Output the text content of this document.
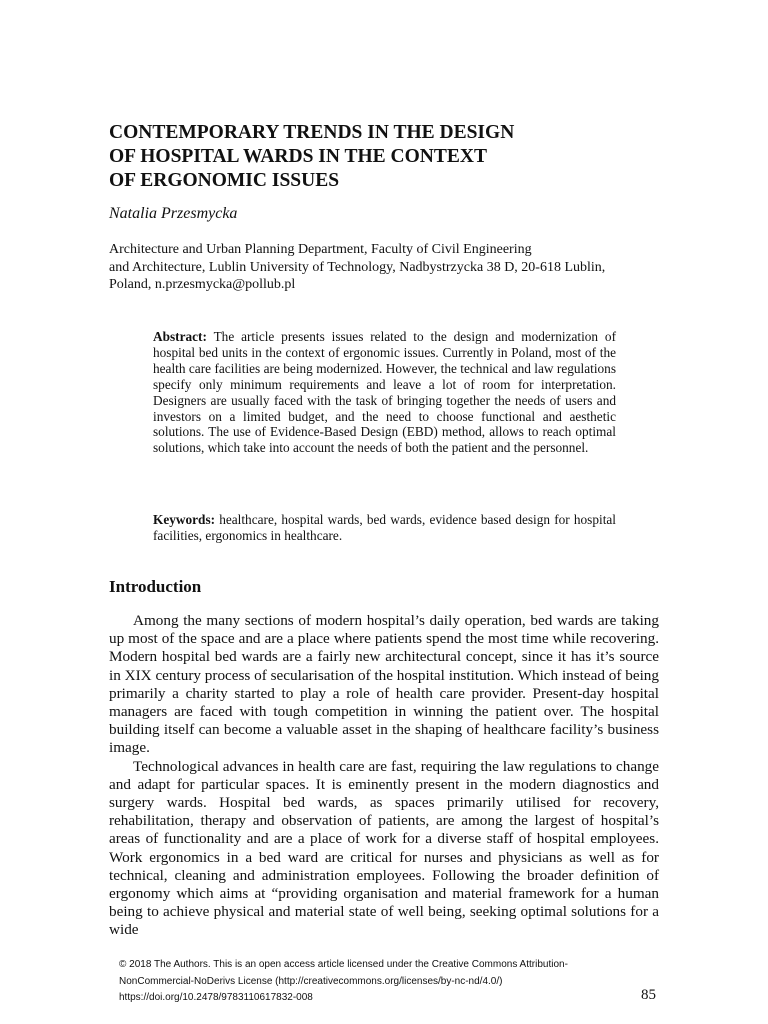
CONTEMPORARY TRENDS IN THE DESIGN
OF HOSPITAL WARDS IN THE CONTEXT
OF ERGONOMIC ISSUES

Natalia Przesmycka

Architecture and Urban Planning Department, Faculty of Civil Engineering
and Architecture, Lublin University of Technology, Nadbystrzycka 38 D, 20-618 Lublin,
Poland, n.przesmycka@pollub.pl

Abstract: The article presents issues related to the design and modernization of hospital bed units in the context of ergonomic issues. Currently in Poland, most of the health care facilities are being modernized. However, the technical and law regulations specify only minimum requirements and leave a lot of room for interpretation. Designers are usually faced with the task of bringing together the needs of users and investors on a limited budget, and the need to choose functional and aesthetic solutions. The use of Evidence-Based Design (EBD) method, allows to reach optimal solutions, which take into account the needs of both the patient and the personnel.

Keywords: healthcare, hospital wards, bed wards, evidence based design for hospital facilities, ergonomics in healthcare.

Introduction

Among the many sections of modern hospital’s daily operation, bed wards are taking up most of the space and are a place where patients spend the most time while recovering. Modern hospital bed wards are a fairly new architectural concept, since it has it’s source in XIX century process of secularisation of the hospital institution. Which instead of being primarily a charity started to play a role of health care provider. Present-day hospital managers are faced with tough competition in winning the patient over. The hospital building itself can become a valuable asset in the shaping of healthcare facility’s business image.

Technological advances in health care are fast, requiring the law regulations to change and adapt for particular spaces. It is eminently present in the modern diagnostics and surgery wards. Hospital bed wards, as spaces primarily utilised for recovery, rehabilitation, therapy and observation of patients, are among the largest of hospital’s areas of functionality and are a place of work for a diverse staff of hospital employees. Work ergonomics in a bed ward are critical for nurses and physicians as well as for technical, cleaning and administration employees. Following the broader definition of ergonomy which aims at “providing organisation and material framework for a human being to achieve physical and material state of well being, seeking optimal solutions for a wide

© 2018 The Authors. This is an open access article licensed under the Creative Commons Attribution-
NonCommercial-NoDerivs License (http://creativecommons.org/licenses/by-nc-nd/4.0/)
https://doi.org/10.2478/9783110617832-008	85
